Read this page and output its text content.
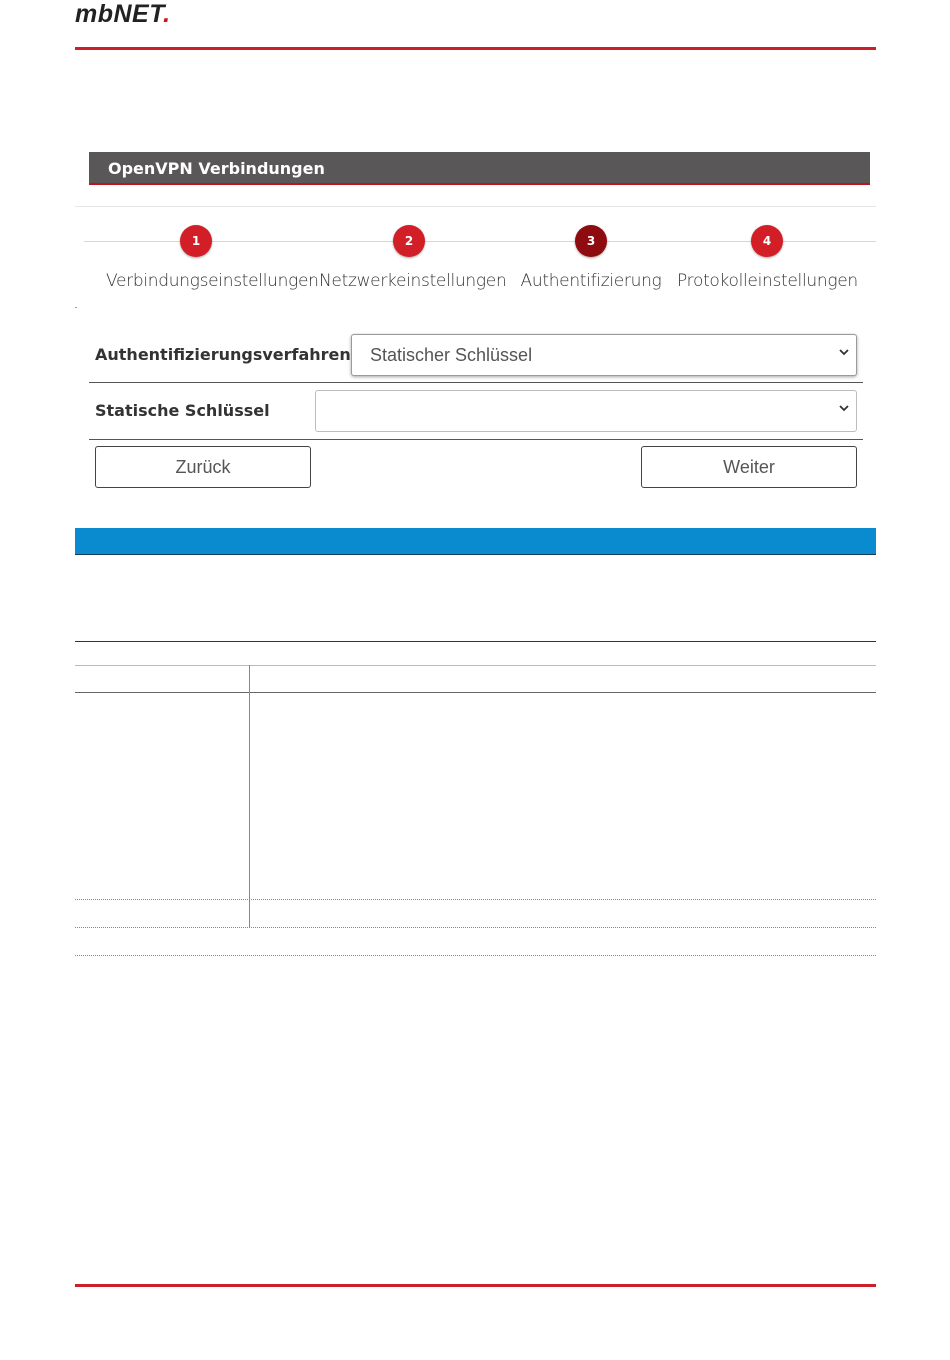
mbNET.
OpenVPN Verbindungen
1
Verbindungseinstellungen
2
Netzwerkeinstellungen
3
Authentifizierung
4
Protokolleinstellungen
Authentifizierungsverfahren Statischer Schlüssel
Statische Schlüssel
Zurück	Weiter
